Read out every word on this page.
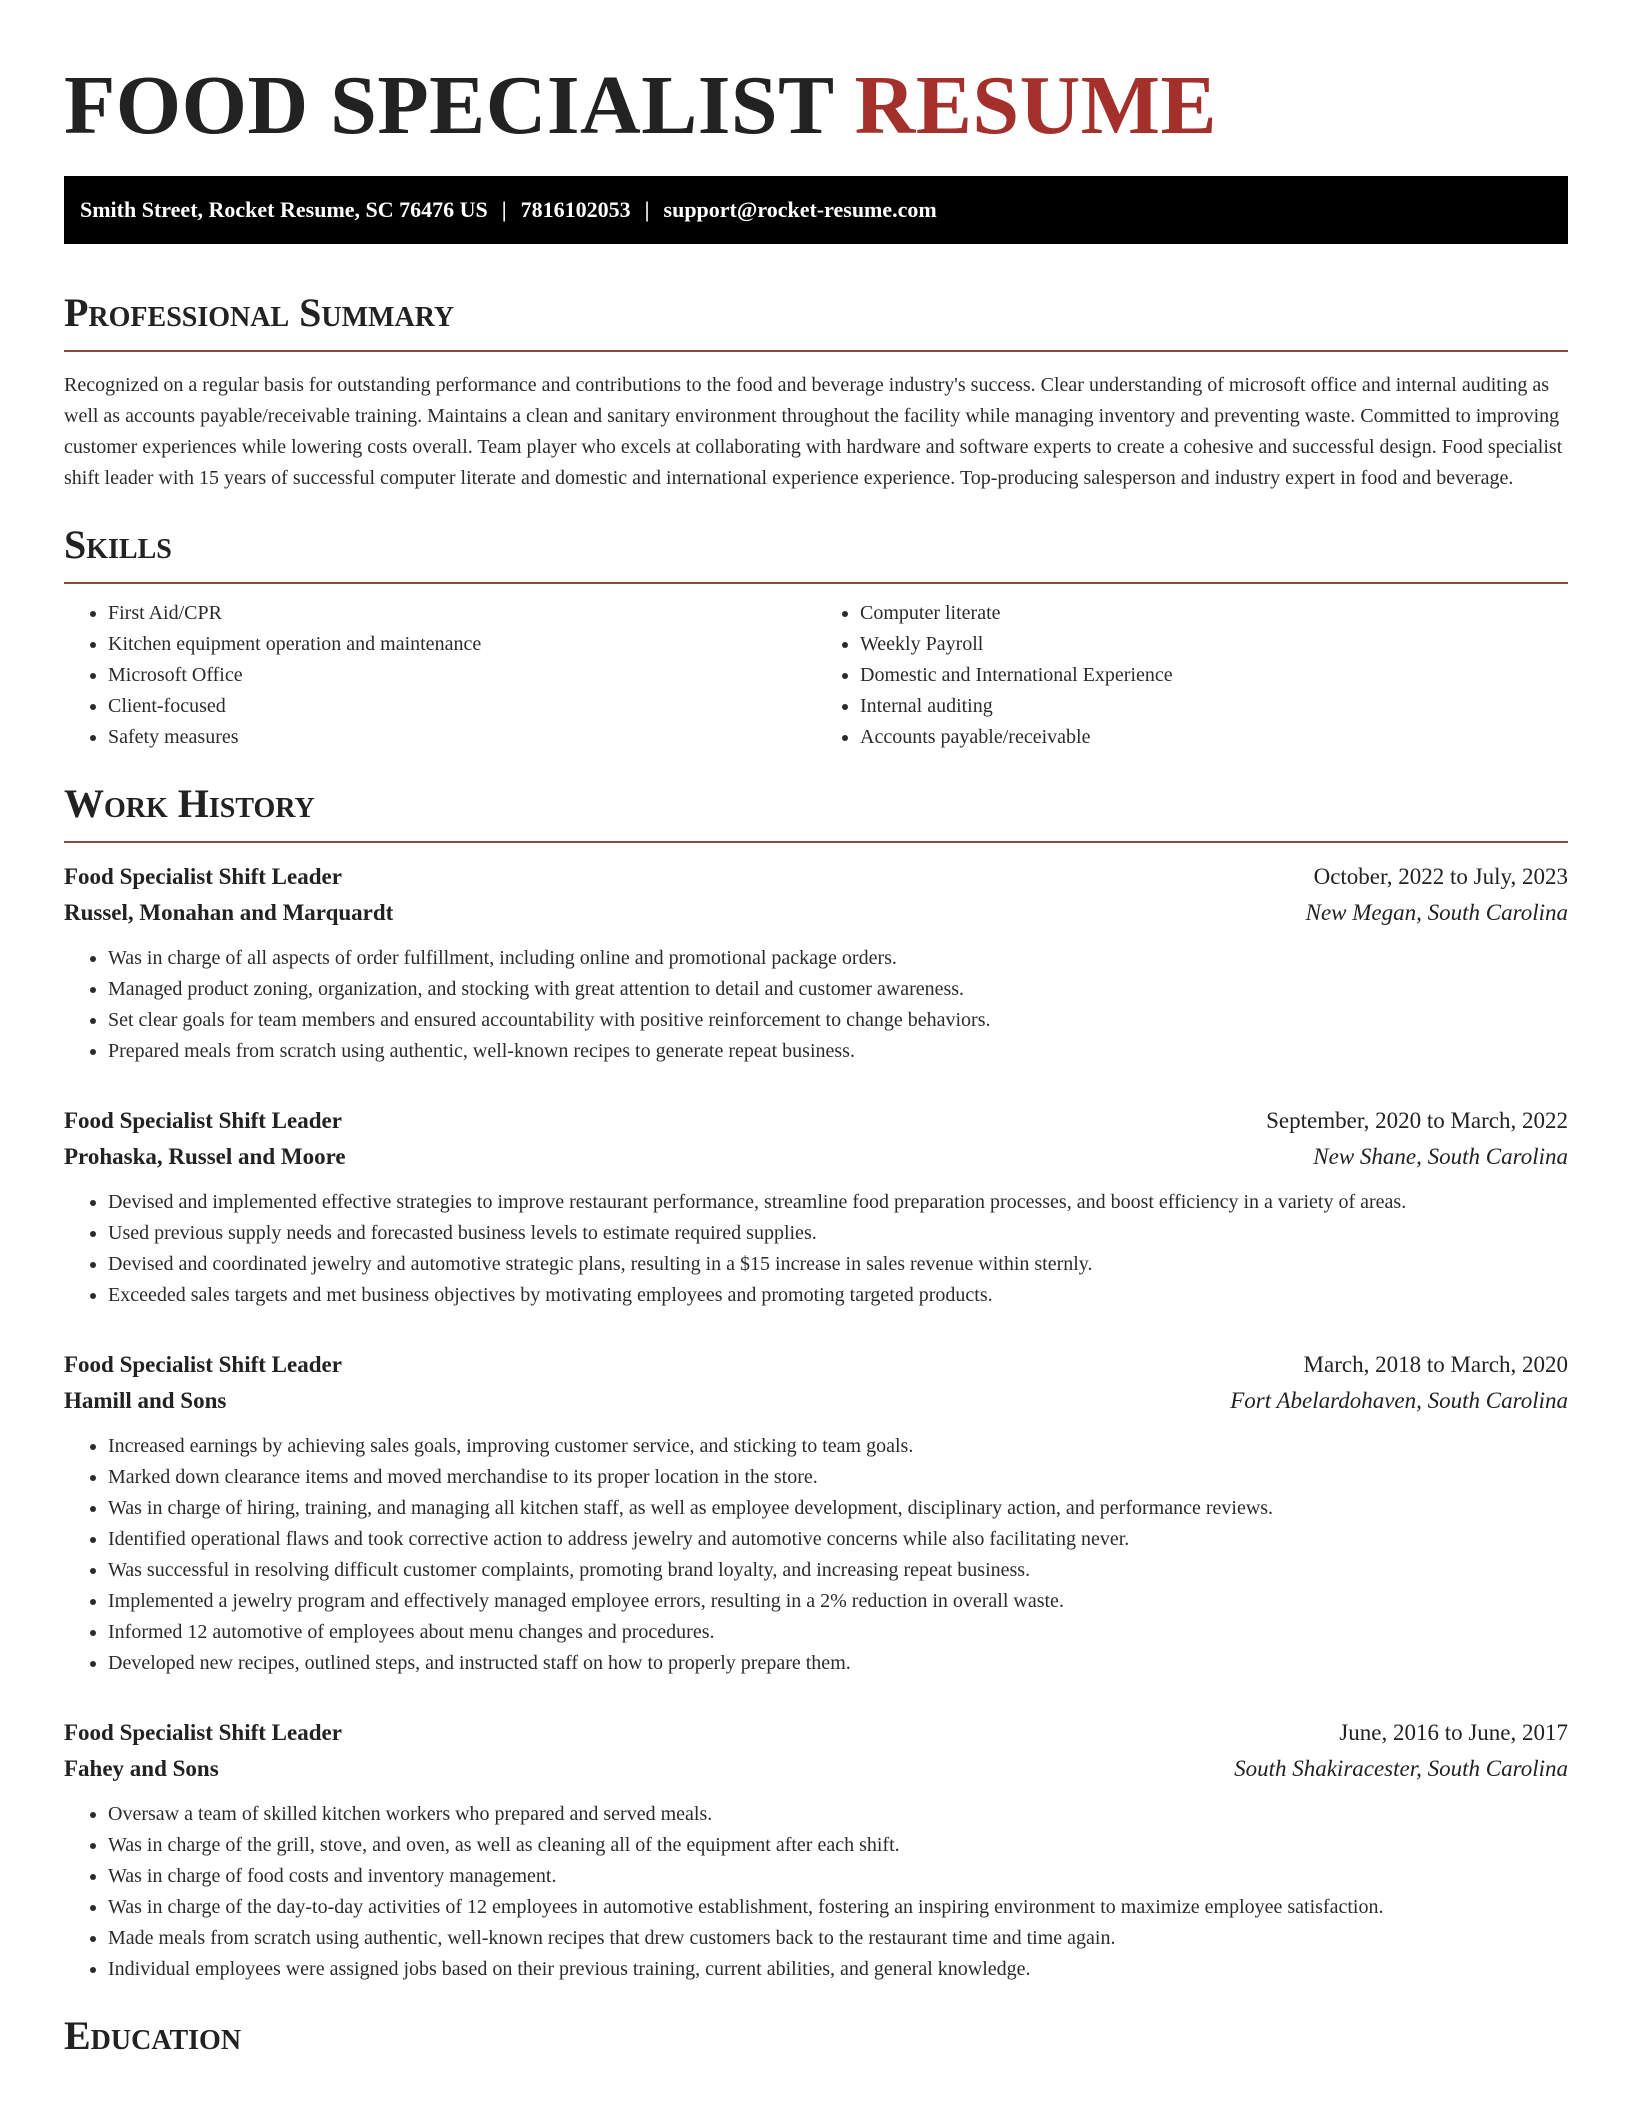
FOOD SPECIALIST RESUME
Smith Street, Rocket Resume, SC 76476 US | 7816102053 | support@rocket-resume.com
Professional Summary

Recognized on a regular basis for outstanding performance and contributions to the food and beverage industry's success. Clear understanding of microsoft office and internal auditing as well as accounts payable/receivable training. Maintains a clean and sanitary environment throughout the facility while managing inventory and preventing waste. Committed to improving customer experiences while lowering costs overall. Team player who excels at collaborating with hardware and software experts to create a cohesive and successful design. Food specialist shift leader with 15 years of successful computer literate and domestic and international experience experience. Top-producing salesperson and industry expert in food and beverage.

Skills
• First Aid/CPR
• Kitchen equipment operation and maintenance
• Microsoft Office
• Client-focused
• Safety measures
• Computer literate
• Weekly Payroll
• Domestic and International Experience
• Internal auditing
• Accounts payable/receivable
Work History
Food Specialist Shift Leader	October, 2022 to July, 2023
Russel, Monahan and Marquardt	New Megan, South Carolina
• Was in charge of all aspects of order fulfillment, including online and promotional package orders.
• Managed product zoning, organization, and stocking with great attention to detail and customer awareness.
• Set clear goals for team members and ensured accountability with positive reinforcement to change behaviors.
• Prepared meals from scratch using authentic, well-known recipes to generate repeat business.
Food Specialist Shift Leader	September, 2020 to March, 2022
Prohaska, Russel and Moore	New Shane, South Carolina
• Devised and implemented effective strategies to improve restaurant performance, streamline food preparation processes, and boost efficiency in a variety of areas.
• Used previous supply needs and forecasted business levels to estimate required supplies.
• Devised and coordinated jewelry and automotive strategic plans, resulting in a $15 increase in sales revenue within sternly.
• Exceeded sales targets and met business objectives by motivating employees and promoting targeted products.
Food Specialist Shift Leader	March, 2018 to March, 2020
Hamill and Sons	Fort Abelardohaven, South Carolina
• Increased earnings by achieving sales goals, improving customer service, and sticking to team goals.
• Marked down clearance items and moved merchandise to its proper location in the store.
• Was in charge of hiring, training, and managing all kitchen staff, as well as employee development, disciplinary action, and performance reviews.
• Identified operational flaws and took corrective action to address jewelry and automotive concerns while also facilitating never.
• Was successful in resolving difficult customer complaints, promoting brand loyalty, and increasing repeat business.
• Implemented a jewelry program and effectively managed employee errors, resulting in a 2% reduction in overall waste.
• Informed 12 automotive of employees about menu changes and procedures.
• Developed new recipes, outlined steps, and instructed staff on how to properly prepare them.
Food Specialist Shift Leader	June, 2016 to June, 2017
Fahey and Sons	South Shakiracester, South Carolina
• Oversaw a team of skilled kitchen workers who prepared and served meals.
• Was in charge of the grill, stove, and oven, as well as cleaning all of the equipment after each shift.
• Was in charge of food costs and inventory management.
• Was in charge of the day-to-day activities of 12 employees in automotive establishment, fostering an inspiring environment to maximize employee satisfaction.
• Made meals from scratch using authentic, well-known recipes that drew customers back to the restaurant time and time again.
• Individual employees were assigned jobs based on their previous training, current abilities, and general knowledge.
Education
